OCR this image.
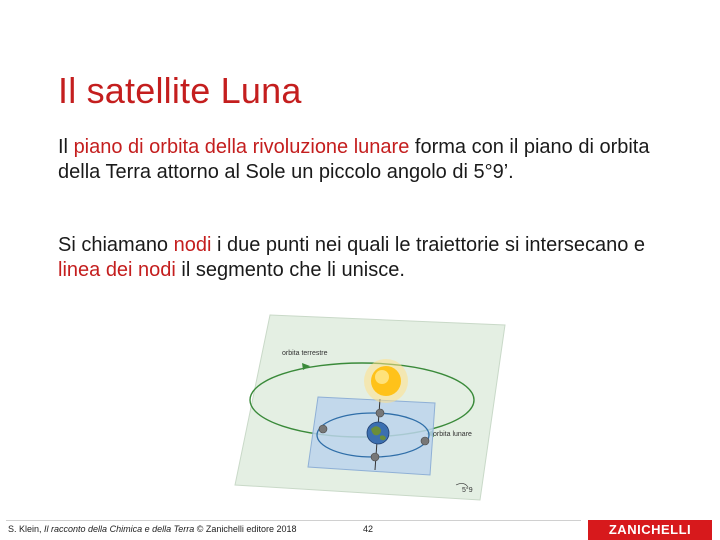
Il satellite Luna
Il piano di orbita della rivoluzione lunare forma con il piano di orbita della Terra attorno al Sole un piccolo angolo di 5°9’.
Si chiamano nodi i due punti nei quali le traiettorie si intersecano e linea dei nodi il segmento che li unisce.
orbita terrestre
orbita lunare
5°9
S. Klein, Il racconto della Chimica e della Terra © Zanichelli editore 2018	42	ZANICHELLI
